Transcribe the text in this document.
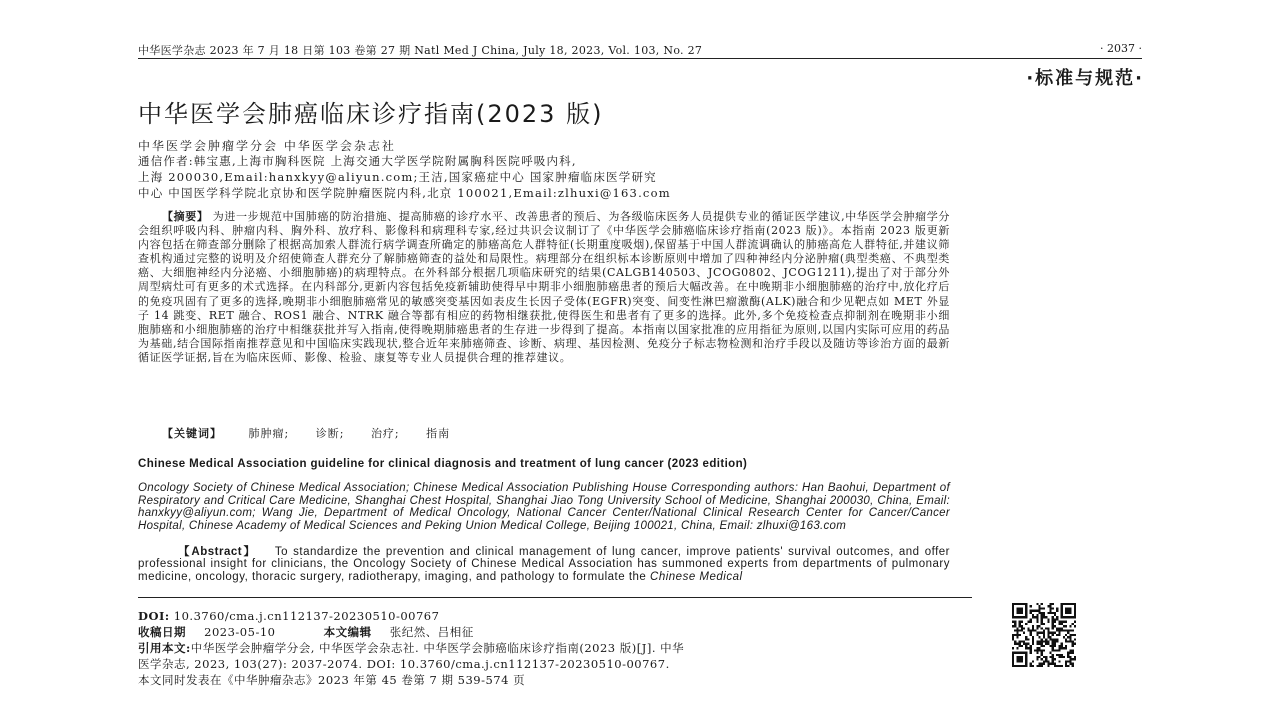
中华医学杂志 2023 年 7 月 18 日第 103 卷第 27 期 Natl Med J China, July 18, 2023, Vol. 103, No. 27	· 2037 ·
·标准与规范·
中华医学会肺癌临床诊疗指南(2023 版)
中华医学会肿瘤学分会 中华医学会杂志社
通信作者:韩宝惠,上海市胸科医院 上海交通大学医学院附属胸科医院呼吸内科,
上海 200030,Email:hanxkyy@aliyun.com;王洁,国家癌症中心 国家肿瘤临床医学研究
中心 中国医学科学院北京协和医学院肿瘤医院内科,北京 100021,Email:zlhuxi@163.com
【摘要】 为进一步规范中国肺癌的防治措施、提高肺癌的诊疗水平、改善患者的预后、为各级临床医务人员提供专业的循证医学建议,中华医学会肿瘤学分会组织呼吸内科、肿瘤内科、胸外科、放疗科、影像科和病理科专家,经过共识会议制订了《中华医学会肺癌临床诊疗指南(2023 版)》。本指南 2023 版更新内容包括在筛查部分删除了根据高加索人群流行病学调查所确定的肺癌高危人群特征(长期重度吸烟),保留基于中国人群流调确认的肺癌高危人群特征,并建议筛查机构通过完整的说明及介绍使筛查人群充分了解肺癌筛查的益处和局限性。病理部分在组织标本诊断原则中增加了四种神经内分泌肿瘤(典型类癌、不典型类癌、大细胞神经内分泌癌、小细胞肺癌)的病理特点。在外科部分根据几项临床研究的结果(CALGB140503、JCOG0802、JCOG1211),提出了对于部分外周型病灶可有更多的术式选择。在内科部分,更新内容包括免疫新辅助使得早中期非小细胞肺癌患者的预后大幅改善。在中晚期非小细胞肺癌的治疗中,放化疗后的免疫巩固有了更多的选择,晚期非小细胞肺癌常见的敏感突变基因如表皮生长因子受体(EGFR)突变、间变性淋巴瘤激酶(ALK)融合和少见靶点如 MET 外显子 14 跳变、RET 融合、ROS1 融合、NTRK 融合等都有相应的药物相继获批,使得医生和患者有了更多的选择。此外,多个免疫检查点抑制剂在晚期非小细胞肺癌和小细胞肺癌的治疗中相继获批并写入指南,使得晚期肺癌患者的生存进一步得到了提高。本指南以国家批准的应用指征为原则,以国内实际可应用的药品为基础,结合国际指南推荐意见和中国临床实践现状,整合近年来肺癌筛查、诊断、病理、基因检测、免疫分子标志物检测和治疗手段以及随访等诊治方面的最新循证医学证据,旨在为临床医师、影像、检验、康复等专业人员提供合理的推荐建议。
【关键词】 肺肿瘤; 诊断; 治疗; 指南
Chinese Medical Association guideline for clinical diagnosis and treatment of lung cancer (2023 edition)
Oncology Society of Chinese Medical Association; Chinese Medical Association Publishing House Corresponding authors: Han Baohui, Department of Respiratory and Critical Care Medicine, Shanghai Chest Hospital, Shanghai Jiao Tong University School of Medicine, Shanghai 200030, China, Email: hanxkyy@aliyun.com; Wang Jie, Department of Medical Oncology, National Cancer Center/National Clinical Research Center for Cancer/Cancer Hospital, Chinese Academy of Medical Sciences and Peking Union Medical College, Beijing 100021, China, Email: zlhuxi@163.com
【Abstract】 To standardize the prevention and clinical management of lung cancer, improve patients' survival outcomes, and offer professional insight for clinicians, the Oncology Society of Chinese Medical Association has summoned experts from departments of pulmonary medicine, oncology, thoracic surgery, radiotherapy, imaging, and pathology to formulate the Chinese Medical
DOI: 10.3760/cma.j.cn112137-20230510-00767
收稿日期 2023-05-10	本文编辑 张纪然、吕相征
引用本文:中华医学会肿瘤学分会, 中华医学会杂志社. 中华医学会肺癌临床诊疗指南(2023 版)[J]. 中华
医学杂志, 2023, 103(27): 2037-2074. DOI: 10.3760/cma.j.cn112137-20230510-00767.
本文同时发表在《中华肿瘤杂志》2023 年第 45 卷第 7 期 539-574 页
